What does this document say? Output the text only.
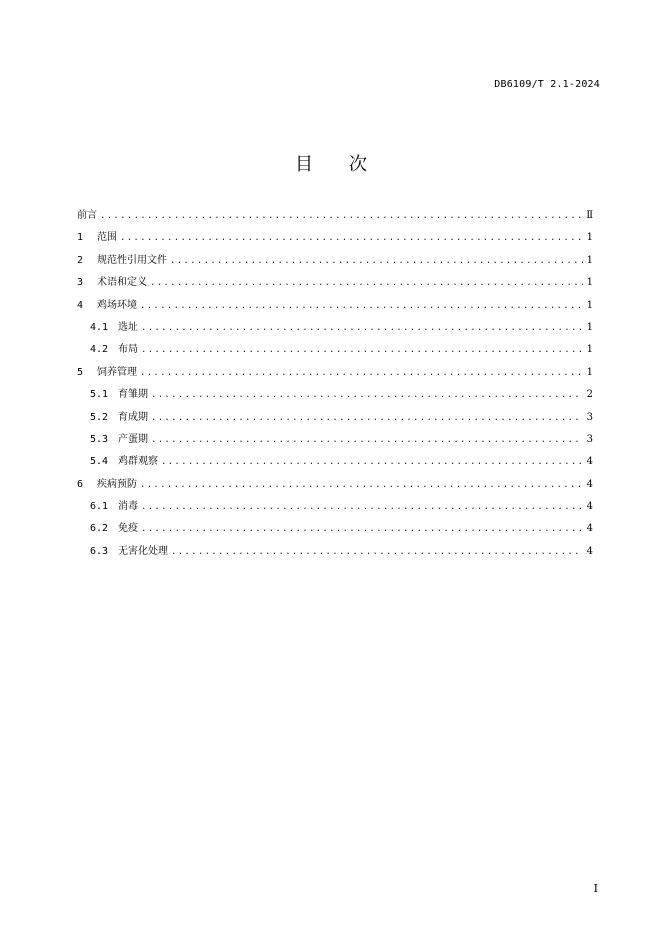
DB6109/T 2.1-2024
目 次
前言 .....	Ⅱ
1	范围 .....	1
2	规范性引用文件 .....	1
3	术语和定义 .....	1
4	鸡场环境 .....	1
4.1 选址 .....	1
4.2 布局 .....	1
5	饲养管理 .....	1
5.1 育雏期 .....	2
5.2 育成期 .....	3
5.3 产蛋期 .....	3
5.4 鸡群观察 .....	4
6	疾病预防 .....	4
6.1 消毒 .....	4
6.2 免疫 .....	4
6.3 无害化处理 .....	4
I
